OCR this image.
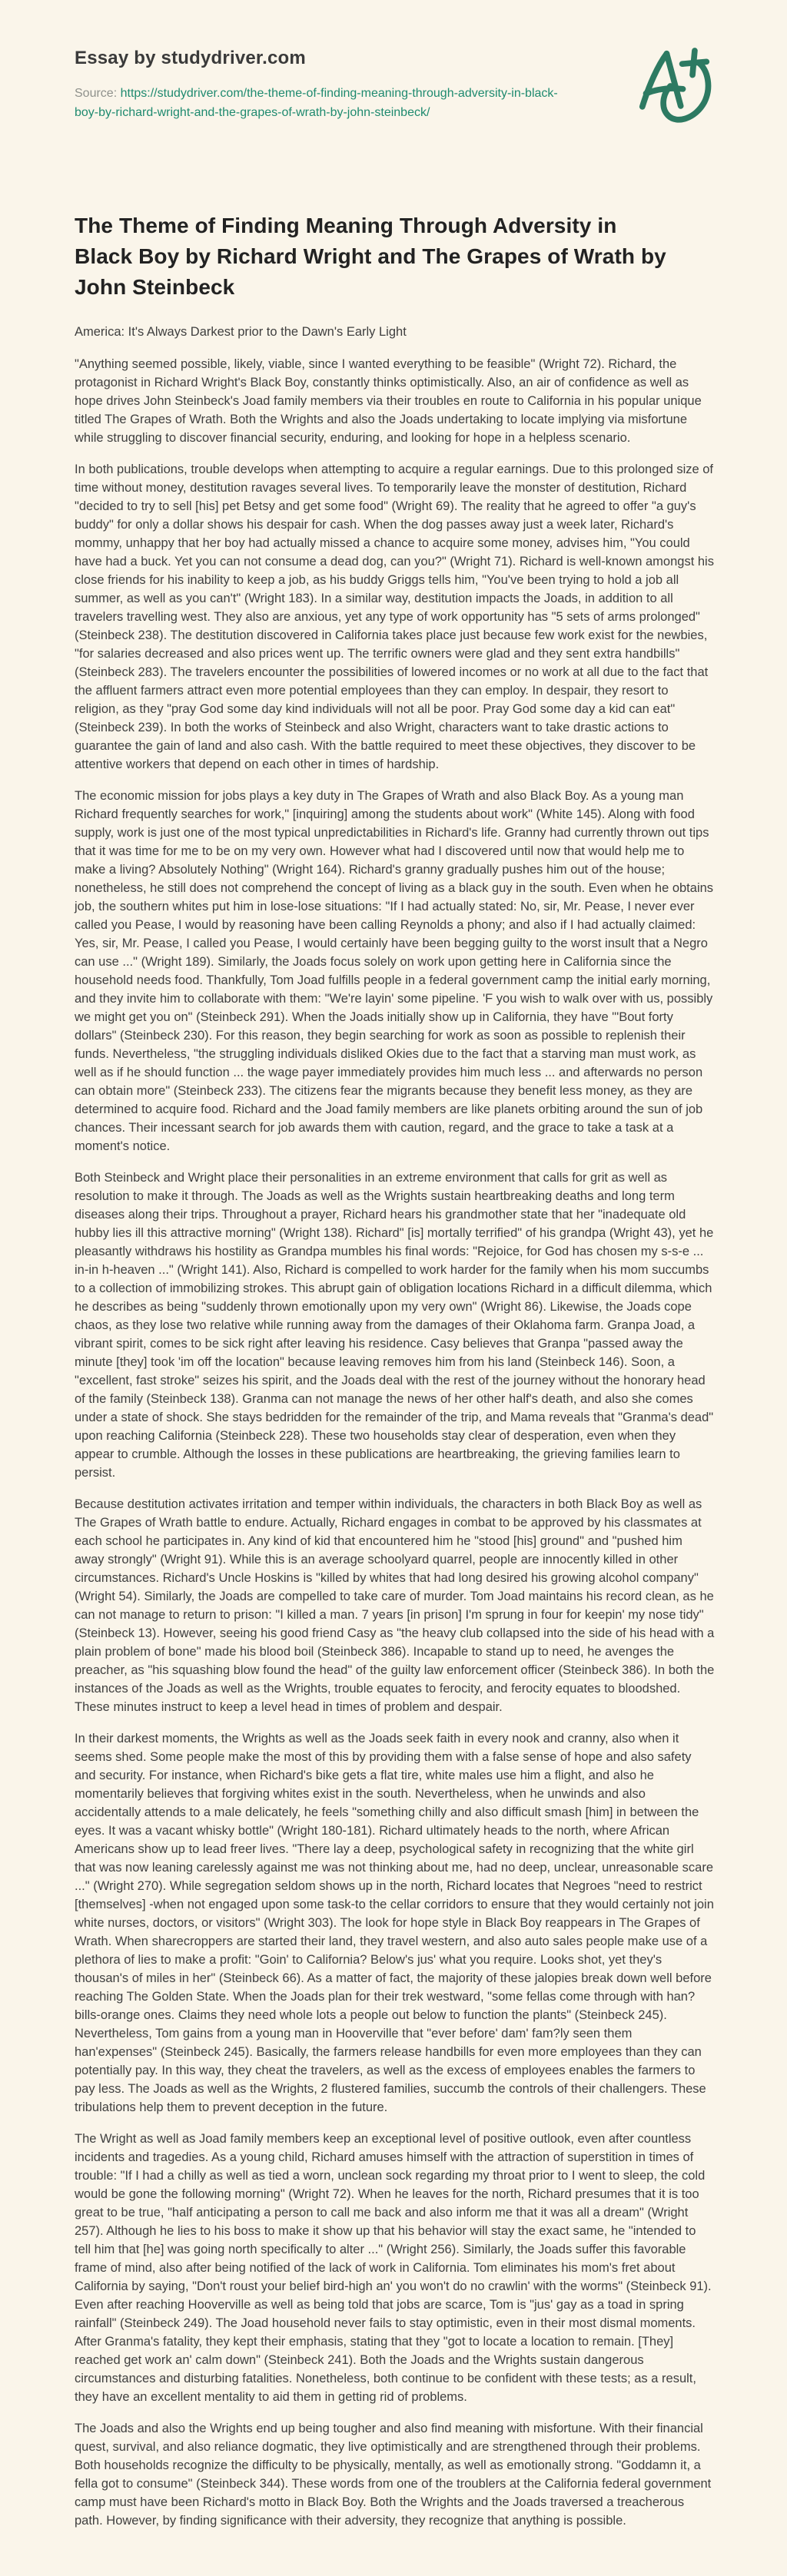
Essay by studydriver.com
Source: https://studydriver.com/the-theme-of-finding-meaning-through-adversity-in-black-boy-by-richard-wright-and-the-grapes-of-wrath-by-john-steinbeck/
The Theme of Finding Meaning Through Adversity in
Black Boy by Richard Wright and The Grapes of Wrath by
John Steinbeck

America: It's Always Darkest prior to the Dawn's Early Light

"Anything seemed possible, likely, viable, since I wanted everything to be feasible" (Wright 72). Richard, the protagonist in Richard Wright's Black Boy, constantly thinks optimistically. Also, an air of confidence as well as hope drives John Steinbeck's Joad family members via their troubles en route to California in his popular unique titled The Grapes of Wrath. Both the Wrights and also the Joads undertaking to locate implying via misfortune while struggling to discover financial security, enduring, and looking for hope in a helpless scenario.

In both publications, trouble develops when attempting to acquire a regular earnings. Due to this prolonged size of time without money, destitution ravages several lives. To temporarily leave the monster of destitution, Richard "decided to try to sell [his] pet Betsy and get some food" (Wright 69). The reality that he agreed to offer "a guy's buddy" for only a dollar shows his despair for cash. When the dog passes away just a week later, Richard's mommy, unhappy that her boy had actually missed a chance to acquire some money, advises him, "You could have had a buck. Yet you can not consume a dead dog, can you?" (Wright 71). Richard is well-known amongst his close friends for his inability to keep a job, as his buddy Griggs tells him, "You've been trying to hold a job all summer, as well as you can't" (Wright 183). In a similar way, destitution impacts the Joads, in addition to all travelers travelling west. They also are anxious, yet any type of work opportunity has "5 sets of arms prolonged" (Steinbeck 238). The destitution discovered in California takes place just because few work exist for the newbies, "for salaries decreased and also prices went up. The terrific owners were glad and they sent extra handbills" (Steinbeck 283). The travelers encounter the possibilities of lowered incomes or no work at all due to the fact that the affluent farmers attract even more potential employees than they can employ. In despair, they resort to religion, as they "pray God some day kind individuals will not all be poor. Pray God some day a kid can eat" (Steinbeck 239). In both the works of Steinbeck and also Wright, characters want to take drastic actions to guarantee the gain of land and also cash. With the battle required to meet these objectives, they discover to be attentive workers that depend on each other in times of hardship.

The economic mission for jobs plays a key duty in The Grapes of Wrath and also Black Boy. As a young man Richard frequently searches for work," [inquiring] among the students about work" (White 145). Along with food supply, work is just one of the most typical unpredictabilities in Richard's life. Granny had currently thrown out tips that it was time for me to be on my very own. However what had I discovered until now that would help me to make a living? Absolutely Nothing" (Wright 164). Richard's granny gradually pushes him out of the house; nonetheless, he still does not comprehend the concept of living as a black guy in the south. Even when he obtains job, the southern whites put him in lose-lose situations: "If I had actually stated: No, sir, Mr. Pease, I never ever called you Pease, I would by reasoning have been calling Reynolds a phony; and also if I had actually claimed: Yes, sir, Mr. Pease, I called you Pease, I would certainly have been begging guilty to the worst insult that a Negro can use ..." (Wright 189). Similarly, the Joads focus solely on work upon getting here in California since the household needs food. Thankfully, Tom Joad fulfills people in a federal government camp the initial early morning, and they invite him to collaborate with them: "We're layin' some pipeline. 'F you wish to walk over with us, possibly we might get you on" (Steinbeck 291). When the Joads initially show up in California, they have "'Bout forty dollars" (Steinbeck 230). For this reason, they begin searching for work as soon as possible to replenish their funds. Nevertheless, "the struggling individuals disliked Okies due to the fact that a starving man must work, as well as if he should function ... the wage payer immediately provides him much less ... and afterwards no person can obtain more" (Steinbeck 233). The citizens fear the migrants because they benefit less money, as they are determined to acquire food. Richard and the Joad family members are like planets orbiting around the sun of job chances. Their incessant search for job awards them with caution, regard, and the grace to take a task at a moment's notice.

Both Steinbeck and Wright place their personalities in an extreme environment that calls for grit as well as resolution to make it through. The Joads as well as the Wrights sustain heartbreaking deaths and long term diseases along their trips. Throughout a prayer, Richard hears his grandmother state that her "inadequate old hubby lies ill this attractive morning" (Wright 138). Richard" [is] mortally terrified" of his grandpa (Wright 43), yet he pleasantly withdraws his hostility as Grandpa mumbles his final words: "Rejoice, for God has chosen my s-s-e ... in-in h-heaven ..." (Wright 141). Also, Richard is compelled to work harder for the family when his mom succumbs to a collection of immobilizing strokes. This abrupt gain of obligation locations Richard in a difficult dilemma, which he describes as being "suddenly thrown emotionally upon my very own" (Wright 86). Likewise, the Joads cope chaos, as they lose two relative while running away from the damages of their Oklahoma farm. Granpa Joad, a vibrant spirit, comes to be sick right after leaving his residence. Casy believes that Granpa "passed away the minute [they] took 'im off the location" because leaving removes him from his land (Steinbeck 146). Soon, a "excellent, fast stroke" seizes his spirit, and the Joads deal with the rest of the journey without the honorary head of the family (Steinbeck 138). Granma can not manage the news of her other half's death, and also she comes under a state of shock. She stays bedridden for the remainder of the trip, and Mama reveals that "Granma's dead" upon reaching California (Steinbeck 228). These two households stay clear of desperation, even when they appear to crumble. Although the losses in these publications are heartbreaking, the grieving families learn to persist.

Because destitution activates irritation and temper within individuals, the characters in both Black Boy as well as The Grapes of Wrath battle to endure. Actually, Richard engages in combat to be approved by his classmates at each school he participates in. Any kind of kid that encountered him he "stood [his] ground" and "pushed him away strongly" (Wright 91). While this is an average schoolyard quarrel, people are innocently killed in other circumstances. Richard's Uncle Hoskins is "killed by whites that had long desired his growing alcohol company" (Wright 54). Similarly, the Joads are compelled to take care of murder. Tom Joad maintains his record clean, as he can not manage to return to prison: "I killed a man. 7 years [in prison] I'm sprung in four for keepin' my nose tidy" (Steinbeck 13). However, seeing his good friend Casy as "the heavy club collapsed into the side of his head with a plain problem of bone" made his blood boil (Steinbeck 386). Incapable to stand up to need, he avenges the preacher, as "his squashing blow found the head" of the guilty law enforcement officer (Steinbeck 386). In both the instances of the Joads as well as the Wrights, trouble equates to ferocity, and ferocity equates to bloodshed. These minutes instruct to keep a level head in times of problem and despair.

In their darkest moments, the Wrights as well as the Joads seek faith in every nook and cranny, also when it seems shed. Some people make the most of this by providing them with a false sense of hope and also safety and security. For instance, when Richard's bike gets a flat tire, white males use him a flight, and also he momentarily believes that forgiving whites exist in the south. Nevertheless, when he unwinds and also accidentally attends to a male delicately, he feels "something chilly and also difficult smash [him] in between the eyes. It was a vacant whisky bottle" (Wright 180-181). Richard ultimately heads to the north, where African Americans show up to lead freer lives. "There lay a deep, psychological safety in recognizing that the white girl that was now leaning carelessly against me was not thinking about me, had no deep, unclear, unreasonable scare ..." (Wright 270). While segregation seldom shows up in the north, Richard locates that Negroes "need to restrict [themselves] -when not engaged upon some task-to the cellar corridors to ensure that they would certainly not join white nurses, doctors, or visitors" (Wright 303). The look for hope style in Black Boy reappears in The Grapes of Wrath. When sharecroppers are started their land, they travel western, and also auto sales people make use of a plethora of lies to make a profit: "Goin' to California? Below's jus' what you require. Looks shot, yet they's thousan's of miles in her" (Steinbeck 66). As a matter of fact, the majority of these jalopies break down well before reaching The Golden State. When the Joads plan for their trek westward, "some fellas come through with han?bills-orange ones. Claims they need whole lots a people out below to function the plants" (Steinbeck 245). Nevertheless, Tom gains from a young man in Hooverville that "ever before' dam' fam?ly seen them han'expenses" (Steinbeck 245). Basically, the farmers release handbills for even more employees than they can potentially pay. In this way, they cheat the travelers, as well as the excess of employees enables the farmers to pay less. The Joads as well as the Wrights, 2 flustered families, succumb the controls of their challengers. These tribulations help them to prevent deception in the future.

The Wright as well as Joad family members keep an exceptional level of positive outlook, even after countless incidents and tragedies. As a young child, Richard amuses himself with the attraction of superstition in times of trouble: "If I had a chilly as well as tied a worn, unclean sock regarding my throat prior to I went to sleep, the cold would be gone the following morning" (Wright 72). When he leaves for the north, Richard presumes that it is too great to be true, "half anticipating a person to call me back and also inform me that it was all a dream" (Wright 257). Although he lies to his boss to make it show up that his behavior will stay the exact same, he "intended to tell him that [he] was going north specifically to alter ..." (Wright 256). Similarly, the Joads suffer this favorable frame of mind, also after being notified of the lack of work in California. Tom eliminates his mom's fret about California by saying, "Don't roust your belief bird-high an' you won't do no crawlin' with the worms" (Steinbeck 91). Even after reaching Hooverville as well as being told that jobs are scarce, Tom is "jus' gay as a toad in spring rainfall" (Steinbeck 249). The Joad household never fails to stay optimistic, even in their most dismal moments. After Granma's fatality, they kept their emphasis, stating that they "got to locate a location to remain. [They] reached get work an' calm down" (Steinbeck 241). Both the Joads and the Wrights sustain dangerous circumstances and disturbing fatalities. Nonetheless, both continue to be confident with these tests; as a result, they have an excellent mentality to aid them in getting rid of problems.

The Joads and also the Wrights end up being tougher and also find meaning with misfortune. With their financial quest, survival, and also reliance dogmatic, they live optimistically and are strengthened through their problems. Both households recognize the difficulty to be physically, mentally, as well as emotionally strong. "Goddamn it, a fella got to consume" (Steinbeck 344). These words from one of the troublers at the California federal government camp must have been Richard's motto in Black Boy. Both the Wrights and the Joads traversed a treacherous path. However, by finding significance with their adversity, they recognize that anything is possible.
